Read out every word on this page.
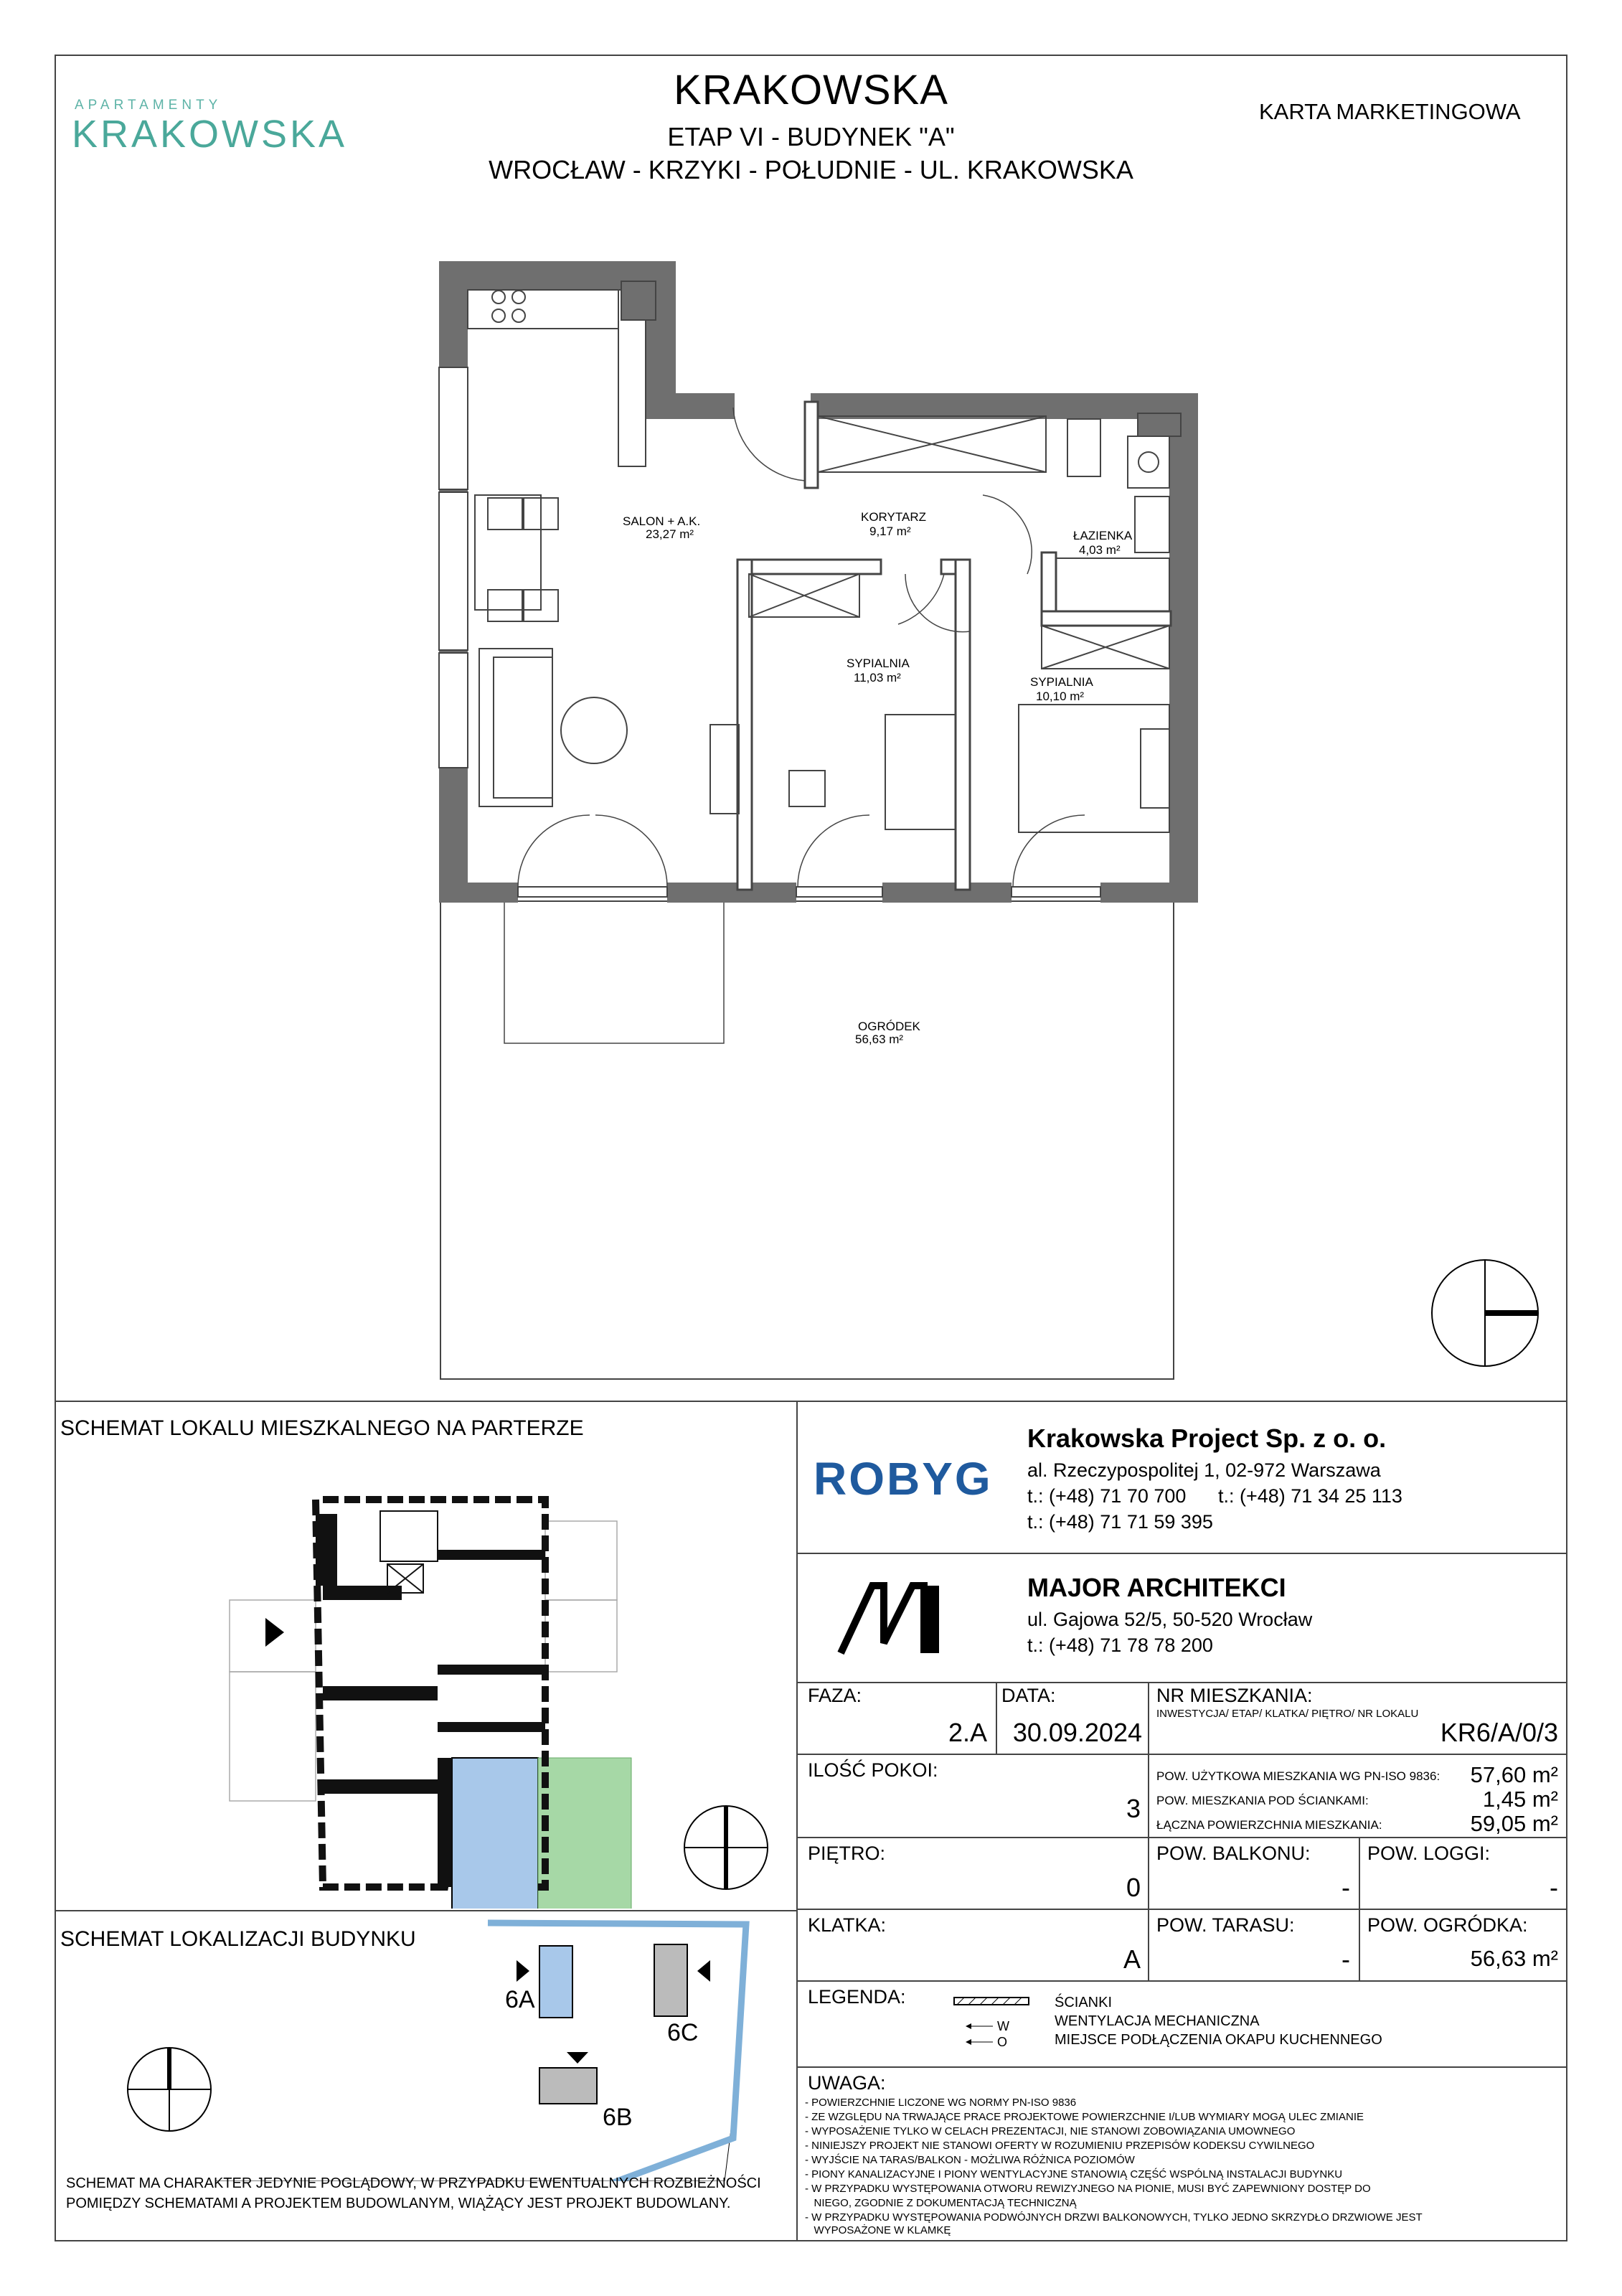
APARTAMENTY
KRAKOWSKA
KRAKOWSKA
ETAP VI - BUDYNEK "A"
WROCŁAW - KRZYKI - POŁUDNIE - UL. KRAKOWSKA
KARTA MARKETINGOWA
SALON + A.K.
23,27 m²
KORYTARZ
9,17 m²	ŁAZIENKA
4,03 m²
SYPIALNIA
11,03 m²	SYPIALNIA
10,10 m²
OGRÓDEK
56,63 m²
SCHEMAT LOKALU MIESZKALNEGO NA PARTERZE
SCHEMAT LOKALIZACJI BUDYNKU
6A
6B
6C
SCHEMAT MA CHARAKTER JEDYNIE POGLĄDOWY, W PRZYPADKU EWENTUALNYCH ROZBIEŻNOŚCI
POMIĘDZY SCHEMATAMI A PROJEKTEM BUDOWLANYM, WIĄŻĄCY JEST PROJEKT BUDOWLANY.
ROBYG
Krakowska Project Sp. z o. o.
al. Rzeczypospolitej 1, 02-972 Warszawa
t.: (+48) 71 70 700 t.: (+48) 71 34 25 113
t.: (+48) 71 71 59 395
MAJOR ARCHITEKCI
ul. Gajowa 52/5, 50-520 Wrocław
t.: (+48) 71 78 78 200
FAZA:
2.A
DATA:
30.09.2024
NR MIESZKANIA:
INWESTYCJA/ ETAP/ KLATKA/ PIĘTRO/ NR LOKALU
KR6/A/0/3
ILOŚĆ POKOI:
3
POW. UŻYTKOWA MIESZKANIA WG PN-ISO 9836:	57,60 m²
POW. MIESZKANIA POD ŚCIANKAMI:	1,45 m²
ŁĄCZNA POWIERZCHNIA MIESZKANIA:	59,05 m²
PIĘTRO:
0
POW. BALKONU:
-
POW. LOGGI:
-
KLATKA:
A
POW. TARASU:
-
POW. OGRÓDKA:
56,63 m²
LEGENDA:
W
O
ŚCIANKI
WENTYLACJA MECHANICZNA
MIEJSCE PODŁĄCZENIA OKAPU KUCHENNEGO
UWAGA:
- POWIERZCHNIE LICZONE WG NORMY PN-ISO 9836
- ZE WZGLĘDU NA TRWAJĄCE PRACE PROJEKTOWE POWIERZCHNIE I/LUB WYMIARY MOGĄ ULEC ZMIANIE
- WYPOSAŻENIE TYLKO W CELACH PREZENTACJI, NIE STANOWI ZOBOWIĄZANIA UMOWNEGO
- NINIEJSZY PROJEKT NIE STANOWI OFERTY W ROZUMIENIU PRZEPISÓW KODEKSU CYWILNEGO
- WYJŚCIE NA TARAS/BALKON - MOŻLIWA RÓŻNICA POZIOMÓW
- PIONY KANALIZACYJNE I PIONY WENTYLACYJNE STANOWIĄ CZĘŚĆ WSPÓLNĄ INSTALACJI BUDYNKU
- W PRZYPADKU WYSTĘPOWANIA OTWORU REWIZYJNEGO NA PIONIE, MUSI BYĆ ZAPEWNIONY DOSTĘP DO
NIEGO, ZGODNIE Z DOKUMENTACJĄ TECHNICZNĄ
- W PRZYPADKU WYSTĘPOWANIA PODWÓJNYCH DRZWI BALKONOWYCH, TYLKO JEDNO SKRZYDŁO DRZWIOWE JEST
WYPOSAŻONE W KLAMKĘ
